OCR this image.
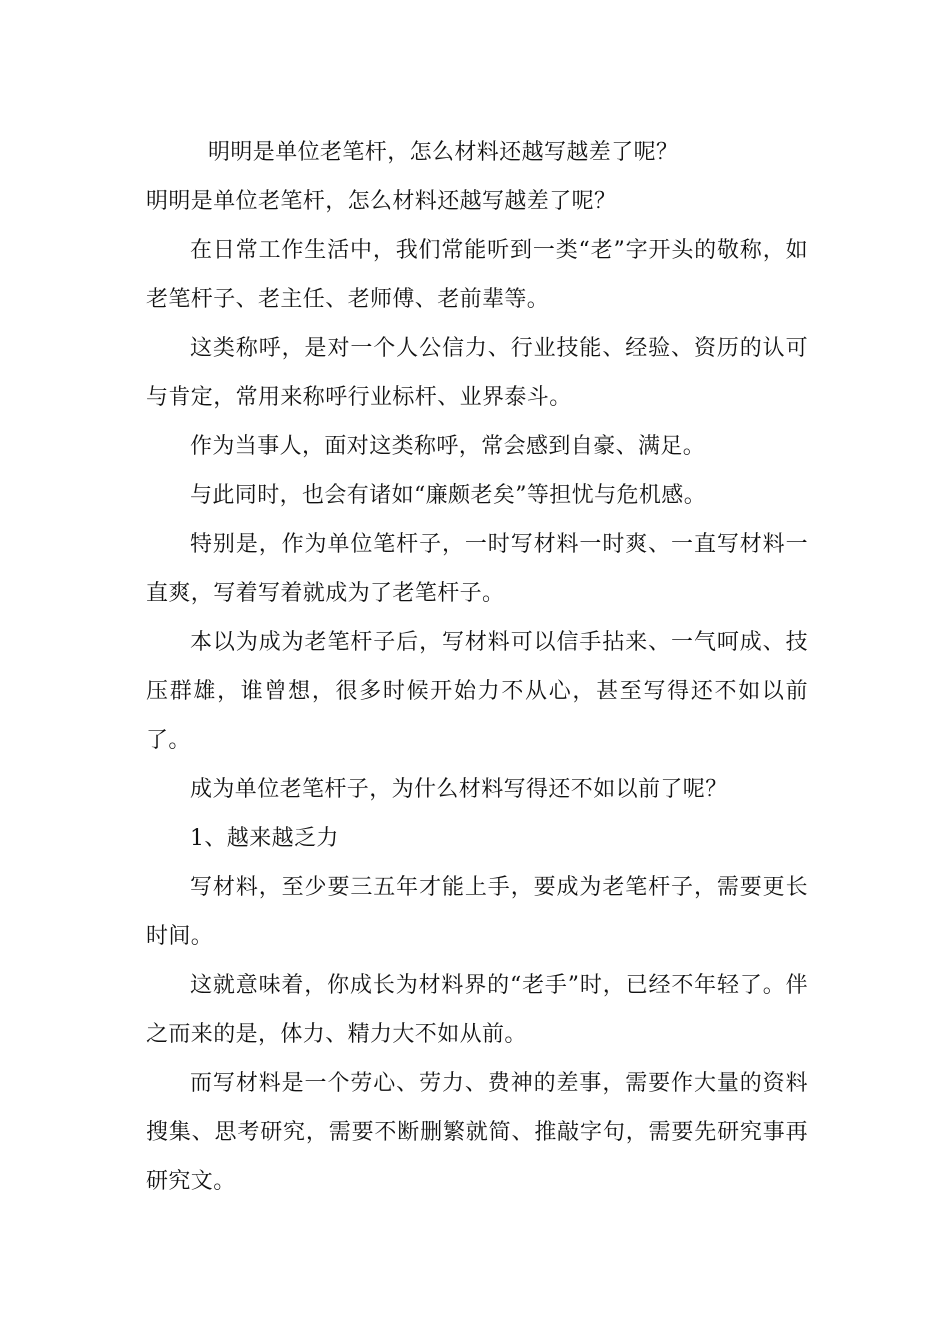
明明是单位老笔杆，怎么材料还越写越差了呢？

明明是单位老笔杆，怎么材料还越写越差了呢？

在日常工作生活中，我们常能听到一类“老”字开头的敬称，如老笔杆子、老主任、老师傅、老前辈等。

这类称呼，是对一个人公信力、行业技能、经验、资历的认可与肯定，常用来称呼行业标杆、业界泰斗。

作为当事人，面对这类称呼，常会感到自豪、满足。

与此同时，也会有诸如“廉颇老矣”等担忧与危机感。

特别是，作为单位笔杆子，一时写材料一时爽、一直写材料一直爽，写着写着就成为了老笔杆子。

本以为成为老笔杆子后，写材料可以信手拈来、一气呵成、技压群雄，谁曾想，很多时候开始力不从心，甚至写得还不如以前了。

成为单位老笔杆子，为什么材料写得还不如以前了呢？

1、越来越乏力

写材料，至少要三五年才能上手，要成为老笔杆子，需要更长时间。

这就意味着，你成长为材料界的“老手”时，已经不年轻了。伴之而来的是，体力、精力大不如从前。

而写材料是一个劳心、劳力、费神的差事，需要作大量的资料搜集、思考研究，需要不断删繁就简、推敲字句，需要先研究事再研究文。
